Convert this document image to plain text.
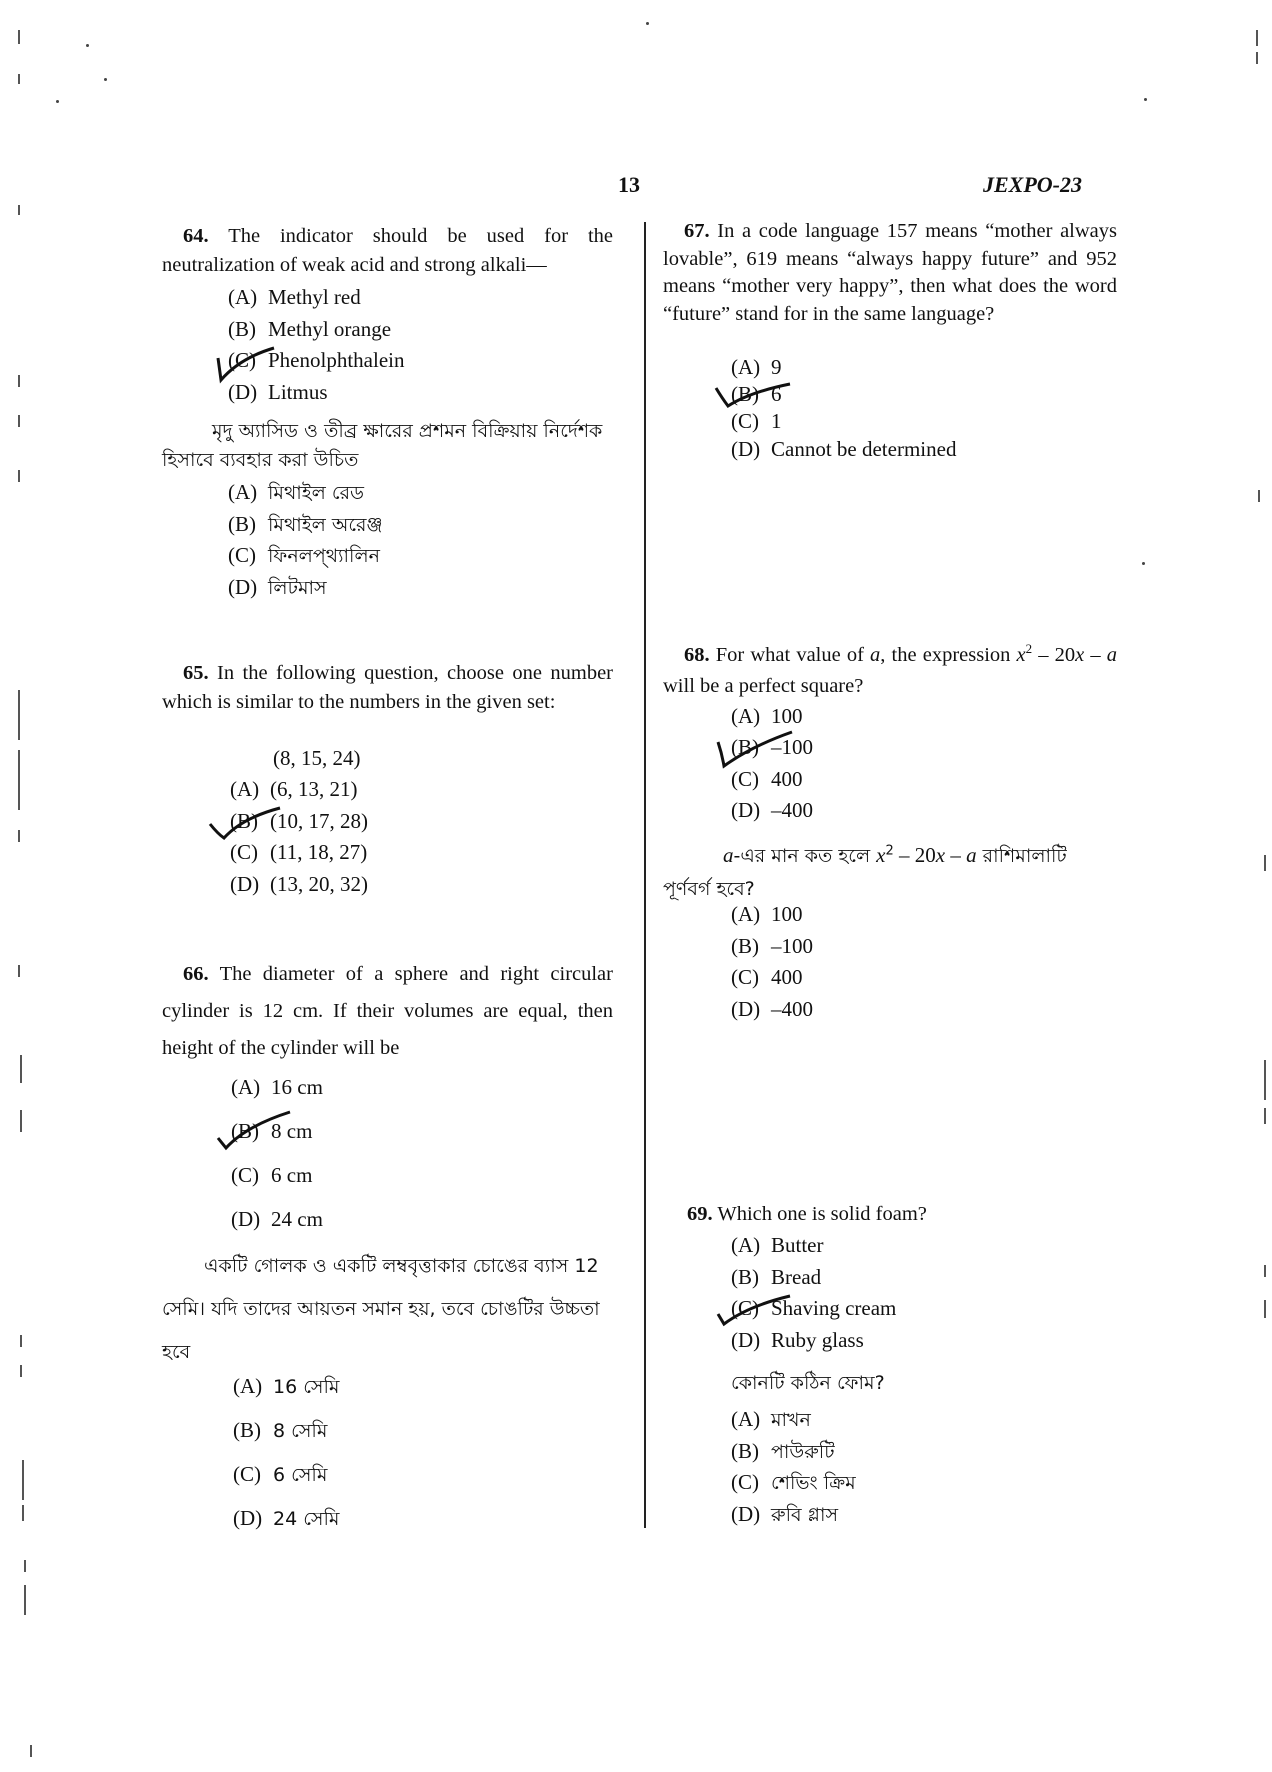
13	JEXPO-23
64. The indicator should be used for the neutralization of weak acid and strong alkali—
(A) Methyl red
(B) Methyl orange
(C) Phenolphthalein
(D) Litmus
মৃদু অ্যাসিড ও তীব্র ক্ষারের প্রশমন বিক্রিয়ায় নির্দেশক হিসাবে ব্যবহার করা উচিত
(A) মিথাইল রেড
(B) মিথাইল অরেঞ্জ
(C) ফিনলপ্থ্যালিন
(D) লিটমাস
65. In the following question, choose one number which is similar to the numbers in the given set:
(8, 15, 24)
(A) (6, 13, 21)
(B) (10, 17, 28)
(C) (11, 18, 27)
(D) (13, 20, 32)
66. The diameter of a sphere and right circular cylinder is 12 cm. If their volumes are equal, then height of the cylinder will be
(A) 16 cm
(B) 8 cm
(C) 6 cm
(D) 24 cm
একটি গোলক ও একটি লম্ববৃত্তাকার চোঙের ব্যাস 12 সেমি। যদি তাদের আয়তন সমান হয়, তবে চোঙটির উচ্চতা হবে
(A) 16 সেমি
(B) 8 সেমি
(C) 6 সেমি
(D) 24 সেমি
67. In a code language 157 means “mother always lovable”, 619 means “always happy future” and 952 means “mother very happy”, then what does the word “future” stand for in the same language?
(A) 9
(B) 6
(C) 1
(D) Cannot be determined
68. For what value of a, the expression $x^2 - 20x$ – a will be a perfect square?
(A) 100
(B) –100
(C) 400
(D) –400
a-এর মান কত হলে $x^2 - 20x$ – a রাশিমালাটি পূর্ণবর্গ হবে?
(A) 100
(B) –100
(C) 400
(D) –400
69. Which one is solid foam?
(A) Butter
(B) Bread
(C) Shaving cream
(D) Ruby glass
কোনটি কঠিন ফোম?
(A) মাখন
(B) পাউরুটি
(C) শেভিং ক্রিম
(D) রুবি গ্লাস
